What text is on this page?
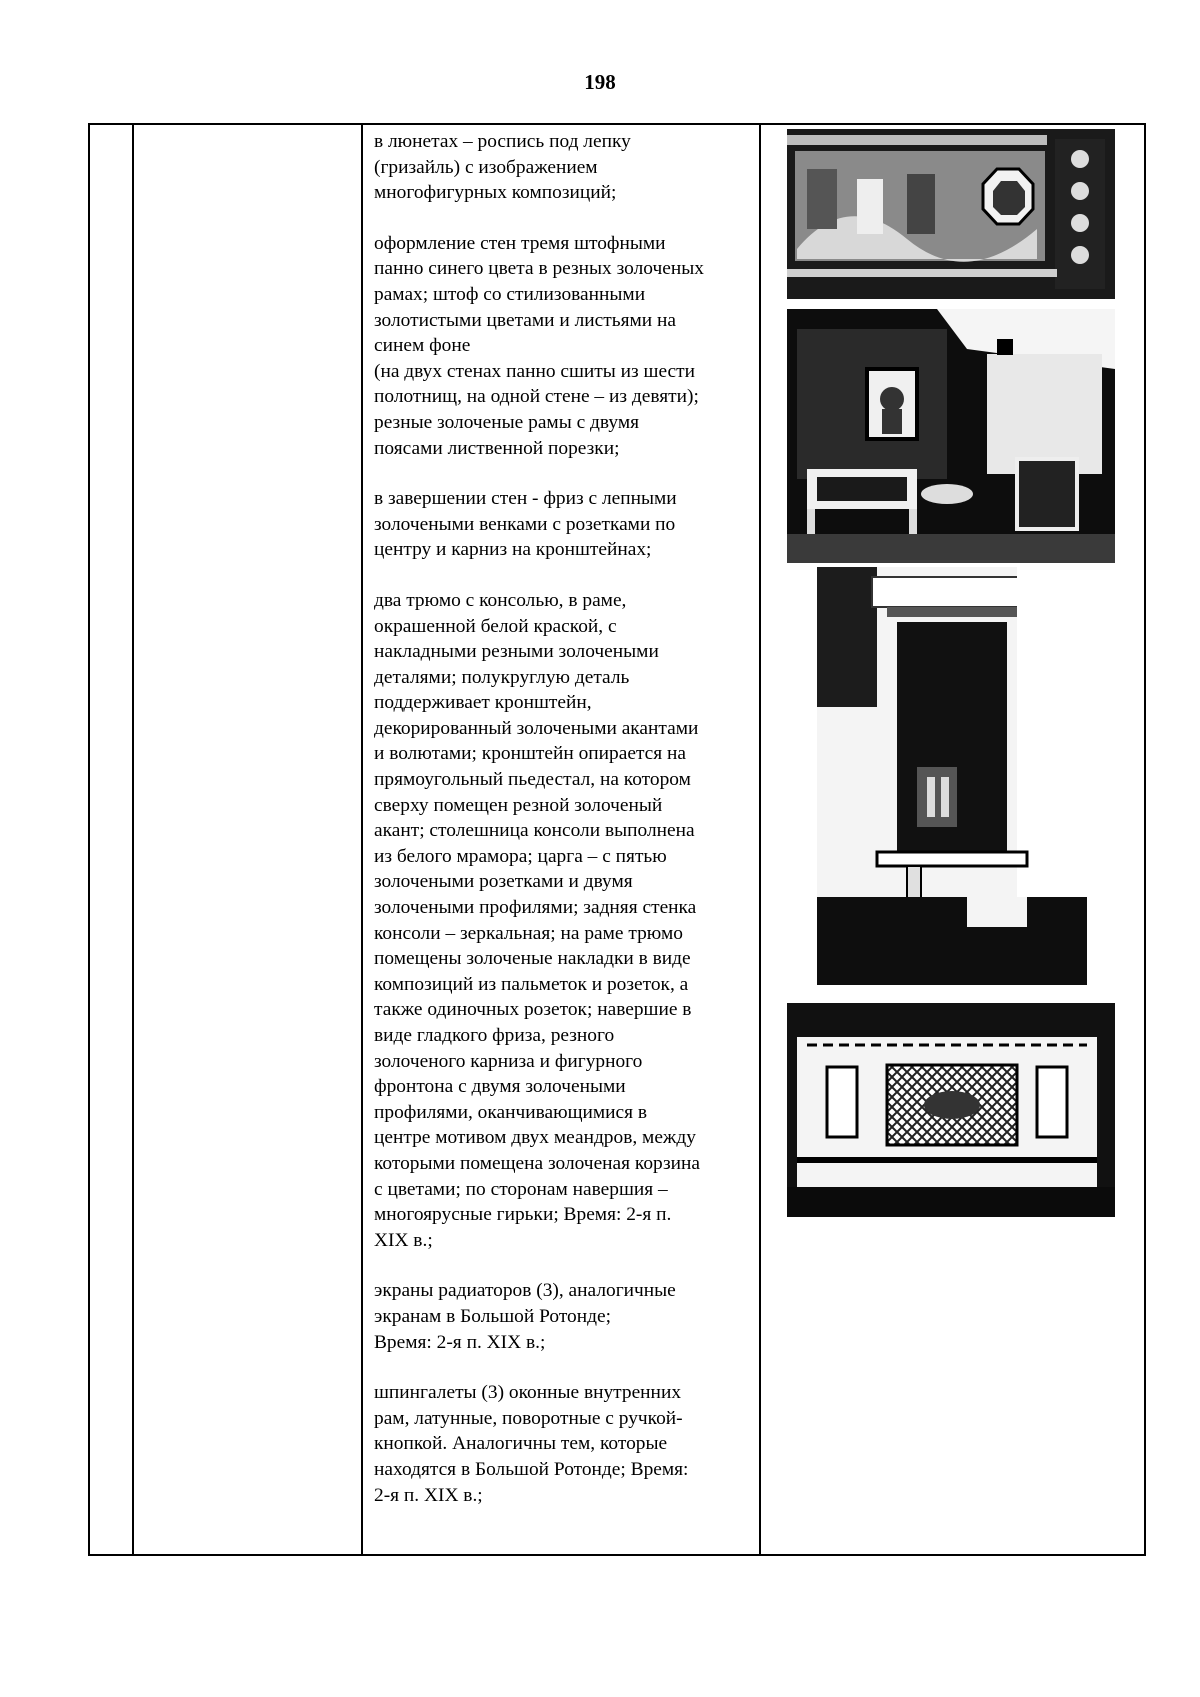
198
в люнетах – роспись под лепку
(гризайль) с изображением
многофигурных композиций;
оформление стен тремя штофными
панно синего цвета в резных золоченых
рамах; штоф со стилизованными
золотистыми цветами и листьями на
синем фоне
(на двух стенах панно сшиты из шести
полотнищ, на одной стене – из девяти);
резные золоченые рамы с двумя
поясами лиственной порезки;
в завершении стен - фриз с лепными
золочеными венками с розетками по
центру и карниз на кронштейнах;
два трюмо с консолью, в раме,
окрашенной белой краской, с
накладными резными золочеными
деталями; полукруглую деталь
поддерживает кронштейн,
декорированный золочеными акантами
и волютами; кронштейн опирается на
прямоугольный пьедестал, на котором
сверху помещен резной золоченый
акант; столешница консоли выполнена
из белого мрамора; царга – с пятью
золочеными розетками и двумя
золочеными профилями; задняя стенка
консоли – зеркальная; на раме трюмо
помещены золоченые накладки в виде
композиций из пальметок и розеток, а
также одиночных розеток; навершие в
виде гладкого фриза, резного
золоченого карниза и фигурного
фронтона с двумя золочеными
профилями, оканчивающимися в
центре мотивом двух меандров, между
которыми помещена золоченая корзина
с цветами; по сторонам навершия –
многоярусные гирьки; Время: 2-я п.
XIX в.;
экраны радиаторов (3), аналогичные
экранам в Большой Ротонде;
Время: 2-я п. XIX в.;
шпингалеты (3) оконные внутренних
рам, латунные, поворотные с ручкой-
кнопкой. Аналогичны тем, которые
находятся в Большой Ротонде; Время:
2-я п. XIX в.;
